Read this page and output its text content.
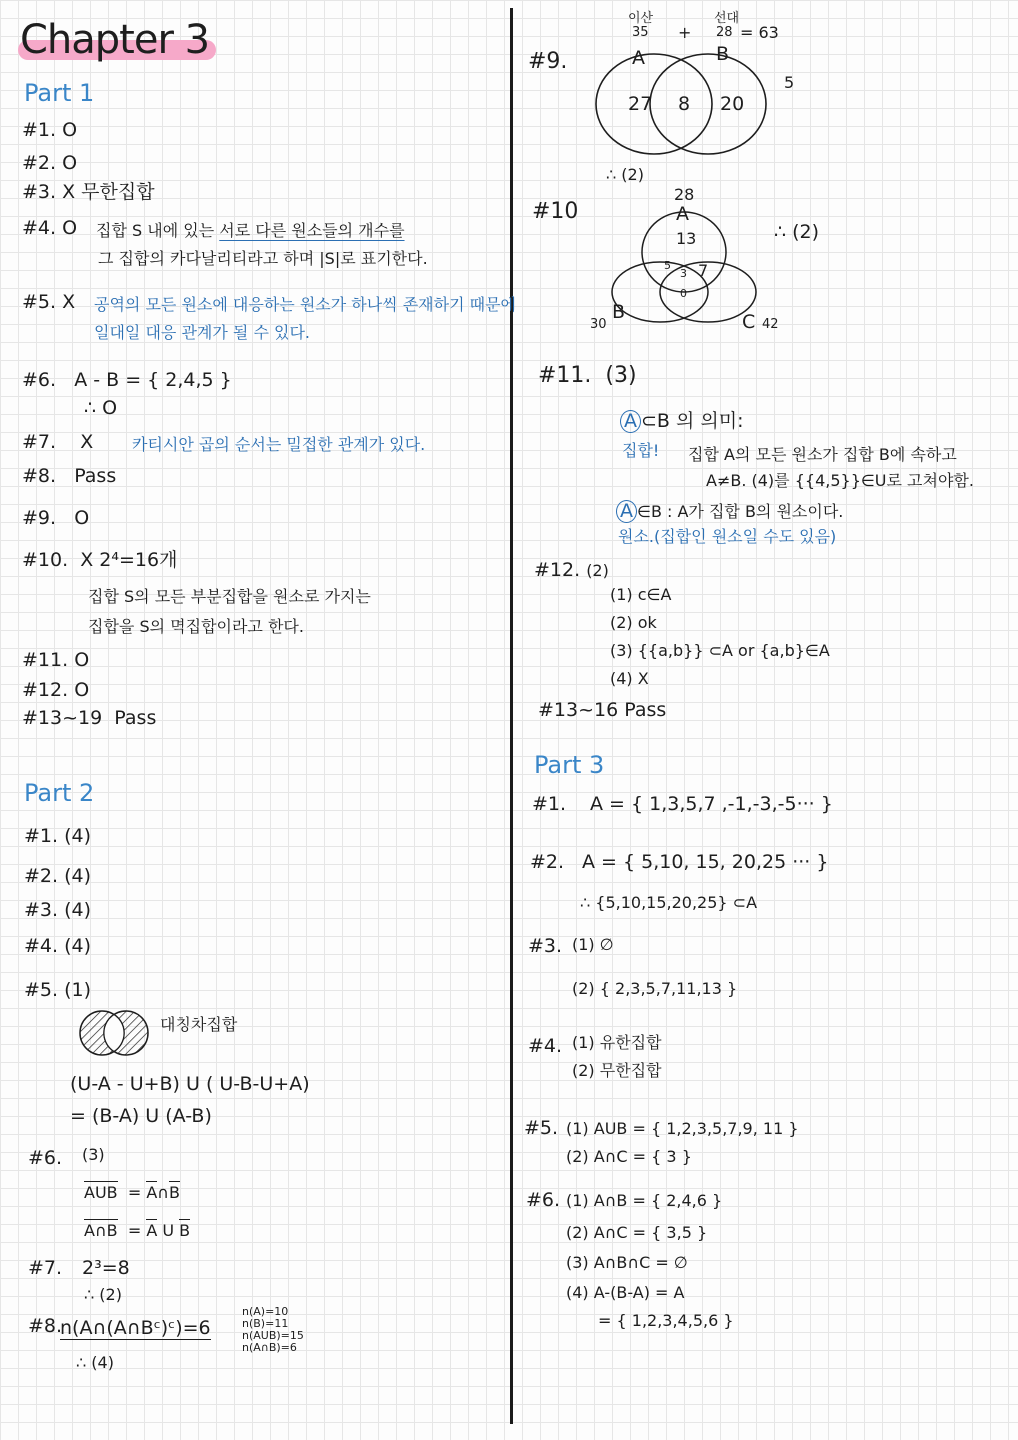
Chapter 3
Part 1
#1. O
#2. O
#3. X 무한집합
#4. O 집합 S 내에 있는 서로 다른 원소들의 개수를
그 집합의 카다날리티라고 하며 |S|로 표기한다.
#5. X 공역의 모든 원소에 대응하는 원소가 하나씩 존재하기 때문에
일대일 대응 관계가 될 수 있다.
#6. A - B = { 2,4,5 }
∴ O
#7. X 카티시안 곱의 순서는 밀접한 관계가 있다.
#8. Pass
#9. O
#10. X 2⁴=16개
집합 S의 모든 부분집합을 원소로 가지는
집합을 S의 멱집합이라고 한다.
#11. O
#12. O
#13~19 Pass
Part 2
#1. (4)
#2. (4)
#3. (4)
#4. (4)
#5. (1)
대칭차집합
(U-A - U+B) U ( U-B-U+A)
= (B-A) U (A-B)
#6. (3)
AUB = A∩B
A∩B = A U B
#7. 2³=8
∴ (2)
#8.
n(A∩(A∩Bᶜ)ᶜ)=6
n(A)=10
n(B)=11
n(AUB)=15
n(A∩B)=6
∴ (4)
#9.
이산
35 +
선대
28 = 63
A	B
27 8 20
5
∴ (2)
#10
28
A
13
5
3 7
0
30
B	C 42
∴ (2)
#11. (3)
A ⊂B 의 의미:
집합! 집합 A의 모든 원소가 집합 B에 속하고
A≠B. (4)를 {{4,5}}∈U로 고쳐야함.
A ∈B : A가 집합 B의 원소이다.
원소.(집합인 원소일 수도 있음)
#12. (2)
(1) c∈A
(2) ok
(3) {{a,b}} ⊂A or {a,b}∈A
(4) X
#13~16 Pass
Part 3
#1. A = { 1,3,5,7 ,-1,-3,-5··· }
#2. A = { 5,10, 15, 20,25 ··· }
∴ {5,10,15,20,25} ⊂A
#3. (1) ∅
(2) { 2,3,5,7,11,13 }
#4. (1) 유한집합
(2) 무한집합
#5. (1) AUB = { 1,2,3,5,7,9, 11 }
(2) A∩C = { 3 }
#6. (1) A∩B = { 2,4,6 }
(2) A∩C = { 3,5 }
(3) A∩B∩C = ∅
(4) A-(B-A) = A
= { 1,2,3,4,5,6 }
